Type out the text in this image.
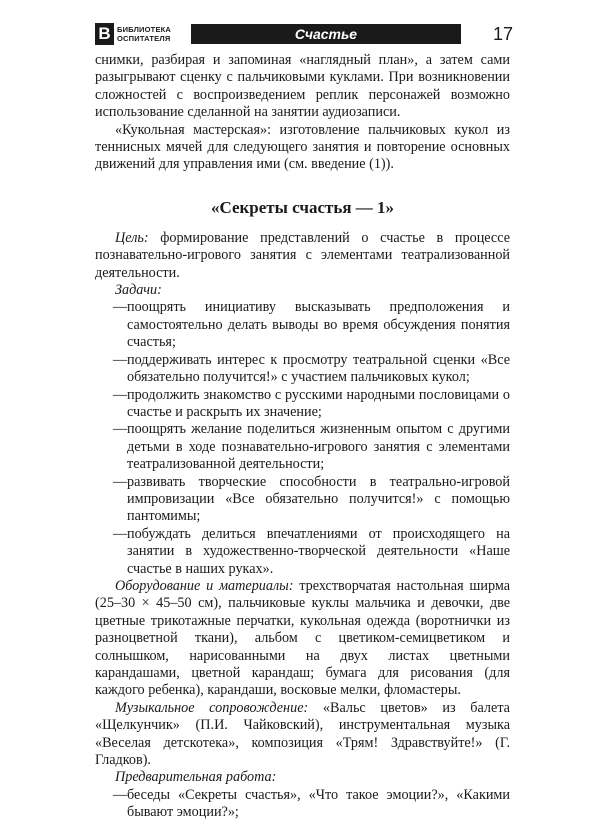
В БИБЛИОТЕКА
ОСПИТАТЕЛЯ	Счастье	17

снимки, разбирая и запоминая «наглядный план», а затем сами разыгрывают сценку с пальчиковыми куклами. При возникновении сложностей с воспроизведением реплик персонажей возможно использование сделанной на занятии аудиозаписи.

«Кукольная мастерская»: изготовление пальчиковых кукол из теннисных мячей для следующего занятия и повторение основных движений для управления ими (см. введение (1)).

«Секреты счастья — 1»

Цель: формирование представлений о счастье в процессе познавательно-игрового занятия с элементами театрализованной деятельности.

Задачи:

— поощрять инициативу высказывать предположения и самостоятельно делать выводы во время обсуждения понятия счастья;
— поддерживать интерес к просмотру театральной сценки «Все обязательно получится!» с участием пальчиковых кукол;
— продолжить знакомство с русскими народными пословицами о счастье и раскрыть их значение;
— поощрять желание поделиться жизненным опытом с другими детьми в ходе познавательно-игрового занятия с элементами театрализованной деятельности;
— развивать творческие способности в театрально-игровой импровизации «Все обязательно получится!» с помощью пантомимы;
— побуждать делиться впечатлениями от происходящего на занятии в художественно-творческой деятельности «Наше счастье в наших руках».

Оборудование и материалы: трехстворчатая настольная ширма (25–30 × 45–50 см), пальчиковые куклы мальчика и девочки, две цветные трикотажные перчатки, кукольная одежда (воротнички из разноцветной ткани), альбом с цветиком-семицветиком и солнышком, нарисованными на двух листах цветными карандашами, цветной карандаш; бумага для рисования (для каждого ребенка), карандаши, восковые мелки, фломастеры.

Музыкальное сопровождение: «Вальс цветов» из балета «Щелкунчик» (П.И. Чайковский), инструментальная музыка «Веселая детскотека», композиция «Трям! Здравствуйте!» (Г. Гладков).

Предварительная работа:

— беседы «Секреты счастья», «Что такое эмоции?», «Какими бывают эмоции?»;
